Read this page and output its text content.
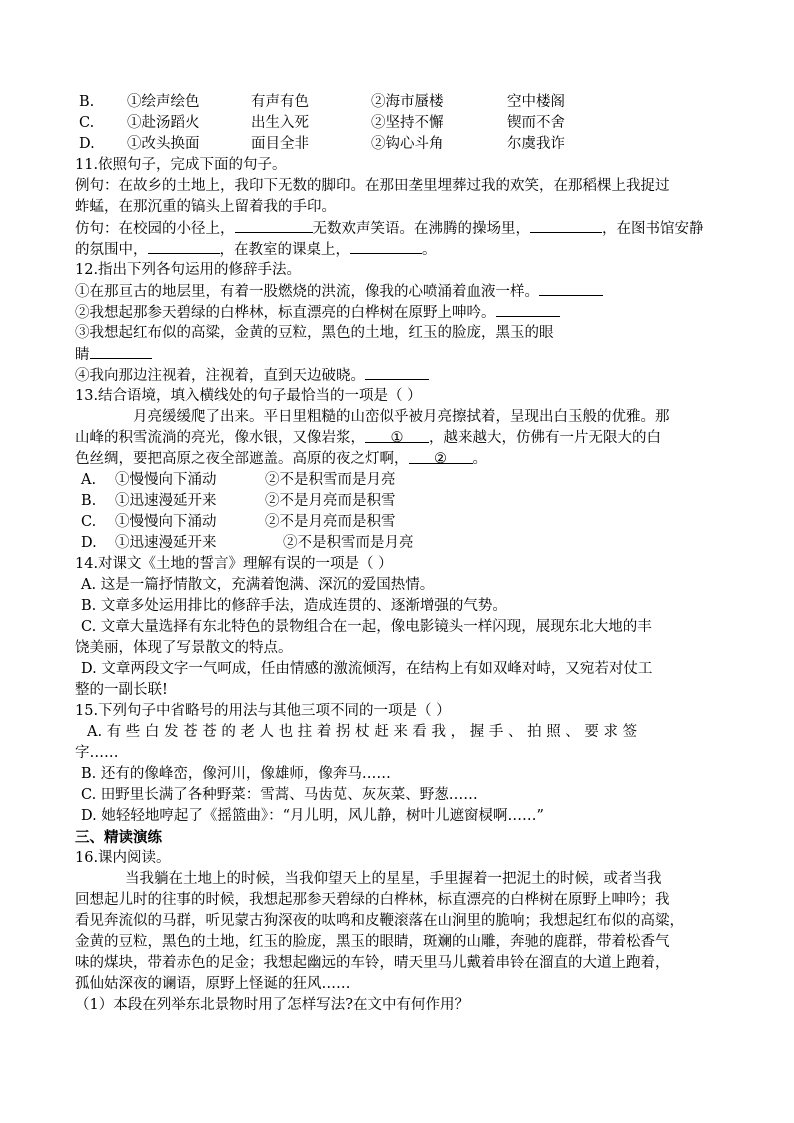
B. ①绘声绘色	有声有色	②海市蜃楼	空中楼阁
C. ①赴汤蹈火	出生入死	②坚持不懈	锲而不舍
D. ①改头换面	面目全非	②钩心斗角	尔虞我诈
11.依照句子，完成下面的句子。
例句：在故乡的土地上，我印下无数的脚印。在那田垄里埋葬过我的欢笑，在那稻棵上我捉过
蚱蜢，在那沉重的镐头上留着我的手印。
仿句：在校园的小径上，	无数欢声笑语。在沸腾的操场里，	，在图书馆安静
的氛围中，	，在教室的课桌上，	。
12.指出下列各句运用的修辞手法。
①在那亘古的地层里，有着一股燃烧的洪流，像我的心喷涌着血液一样。
②我想起那参天碧绿的白桦林，标直漂亮的白桦树在原野上呻吟。
③我想起红布似的高粱，金黄的豆粒，黑色的土地，红玉的脸庞，黑玉的眼
睛
④我向那边注视着，注视着，直到天边破晓。
13.结合语境，填入横线处的句子最恰当的一项是（ ）
月亮缓缓爬了出来。平日里粗糙的山峦似乎被月亮擦拭着，呈现出白玉般的优雅。那
山峰的积雪流淌的亮光，像水银，又像岩浆， ① ，越来越大，仿佛有一片无限大的白
色丝绸，要把高原之夜全部遮盖。高原的夜之灯啊， ② 。
A. ①慢慢向下涌动	②不是积雪而是月亮
B. ①迅速漫延开来	②不是月亮而是积雪
C. ①慢慢向下涌动	②不是月亮而是积雪
D. ①迅速漫延开来	②不是积雪而是月亮
14.对课文《土地的誓言》理解有误的一项是（ ）
A. 这是一篇抒情散文，充满着饱满、深沉的爱国热情。
B. 文章多处运用排比的修辞手法，造成连贯的、逐渐增强的气势。
C. 文章大量选择有东北特色的景物组合在一起，像电影镜头一样闪现，展现东北大地的丰
饶美丽，体现了写景散文的特点。
D. 文章两段文字一气呵成，任由情感的激流倾泻，在结构上有如双峰对峙，又宛若对仗工
整的一副长联!
15.下列句子中省略号的用法与其他三项不同的一项是（ ）
A. 有 些 白 发 苍 苍 的 老 人 也 拄 着 拐 杖 赶 来 看 我 ， 握 手 、 拍 照 、 要 求 签
字……
B. 还有的像峰峦，像河川，像雄师，像奔马……
C. 田野里长满了各种野菜：雪蒿、马齿苋、灰灰菜、野葱……
D. 她轻轻地哼起了《摇篮曲》：“月儿明，风儿静，树叶儿遮窗棂啊……”
三、精读演练
16.课内阅读。
当我躺在土地上的时候，当我仰望天上的星星，手里握着一把泥土的时候，或者当我
回想起儿时的往事的时候，我想起那参天碧绿的白桦林，标直漂亮的白桦树在原野上呻吟；我
看见奔流似的马群，听见蒙古狗深夜的呔鸣和皮鞭滚落在山涧里的脆响；我想起红布似的高粱，
金黄的豆粒，黑色的土地，红玉的脸庞，黑玉的眼睛，斑斓的山雕，奔驰的鹿群，带着松香气
味的煤块，带着赤色的足金；我想起幽远的车铃，晴天里马儿戴着串铃在溜直的大道上跑着，
孤仙姑深夜的谰语，原野上怪诞的狂风……
（1）本段在列举东北景物时用了怎样写法?在文中有何作用？
